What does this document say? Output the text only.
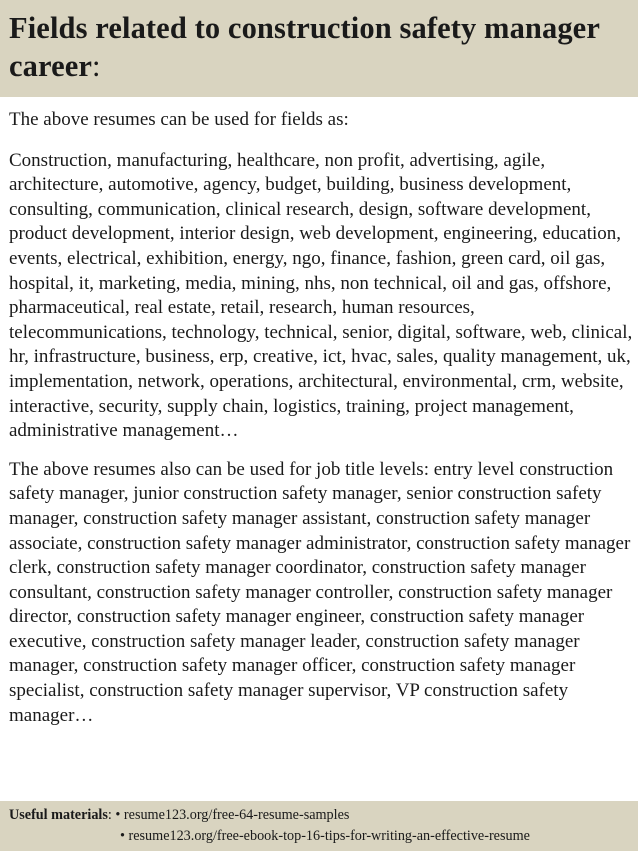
Fields related to construction safety manager career:

The above resumes can be used for fields as:

Construction, manufacturing, healthcare, non profit, advertising, agile, architecture, automotive, agency, budget, building, business development, consulting, communication, clinical research, design, software development, product development, interior design, web development, engineering, education, events, electrical, exhibition, energy, ngo, finance, fashion, green card, oil gas, hospital, it, marketing, media, mining, nhs, non technical, oil and gas, offshore, pharmaceutical, real estate, retail, research, human resources, telecommunications, technology, technical, senior, digital, software, web, clinical, hr, infrastructure, business, erp, creative, ict, hvac, sales, quality management, uk, implementation, network, operations, architectural, environmental, crm, website, interactive, security, supply chain, logistics, training, project management, administrative management…

The above resumes also can be used for job title levels: entry level construction safety manager, junior construction safety manager, senior construction safety manager, construction safety manager assistant, construction safety manager associate, construction safety manager administrator, construction safety manager clerk, construction safety manager coordinator, construction safety manager consultant, construction safety manager controller, construction safety manager director, construction safety manager engineer, construction safety manager executive, construction safety manager leader, construction safety manager manager, construction safety manager officer, construction safety manager specialist, construction safety manager supervisor, VP construction safety manager…

Useful materials: • resume123.org/free-64-resume-samples
• resume123.org/free-ebook-top-16-tips-for-writing-an-effective-resume
